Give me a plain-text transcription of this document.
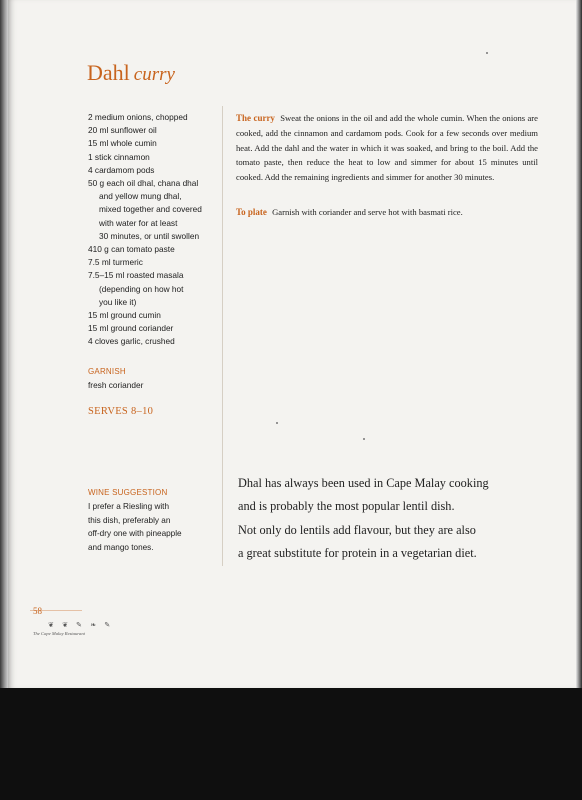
Dahl curry
2 medium onions, chopped
20 ml sunflower oil
15 ml whole cumin
1 stick cinnamon
4 cardamom pods
50 g each oil dhal, chana dhal
and yellow mung dhal,
mixed together and covered
with water for at least
30 minutes, or until swollen
410 g can tomato paste
7.5 ml turmeric
7.5–15 ml roasted masala
(depending on how hot
you like it)
15 ml ground cumin
15 ml ground coriander
4 cloves garlic, crushed
GARNISH
fresh coriander
SERVES 8–10
WINE SUGGESTION
I prefer a Riesling with
this dish, preferably an
off-dry one with pineapple
and mango tones.
The curry Sweat the onions in the oil and add the whole cumin. When the onions are cooked, add the cinnamon and cardamom pods. Cook for a few seconds over medium heat. Add the dahl and the water in which it was soaked, and bring to the boil. Add the tomato paste, then reduce the heat to low and simmer for about 15 minutes until cooked. Add the remaining ingredients and simmer for another 30 minutes.
To plate Garnish with coriander and serve hot with basmati rice.
Dhal has always been used in Cape Malay cooking
and is probably the most popular lentil dish.
Not only do lentils add flavour, but they are also
a great substitute for protein in a vegetarian diet.
58
❦ ❦ ✎ ❧ ✎
The Cape Malay Restaurant
